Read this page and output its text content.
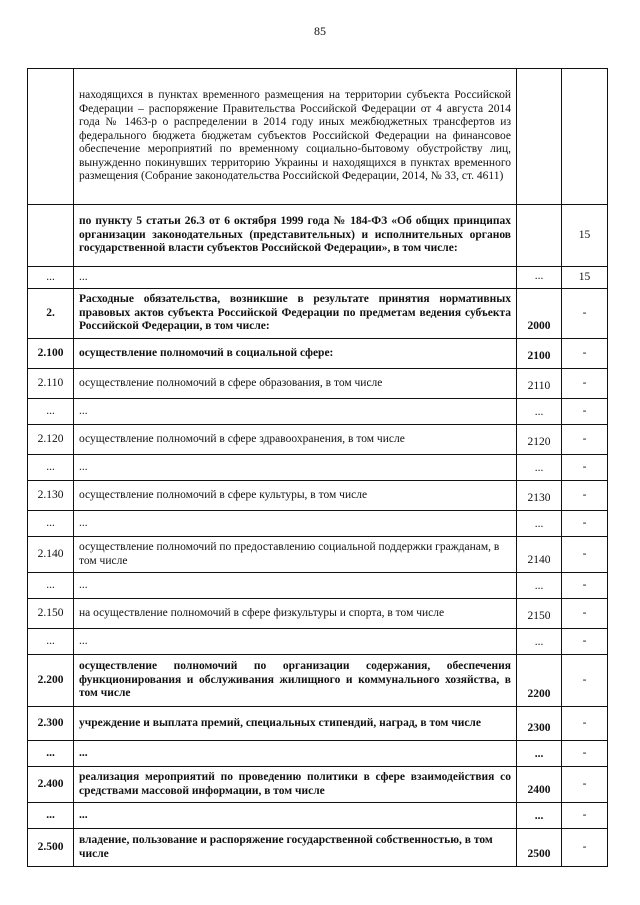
85
	находящихся в пунктах временного размещения на территории субъекта Российской Федерации – распоряжение Правительства Российской Федерации от 4 августа 2014 года № 1463-р о распределении в 2014 году иных межбюджетных трансфертов из федерального бюджета бюджетам субъектов Российской Федерации на финансовое обеспечение мероприятий по временному социально-бытовому обустройству лиц, вынужденно покинувших территорию Украины и находящихся в пунктах временного размещения (Собрание законодательства Российской Федерации, 2014, № 33, ст. 4611)		
	по пункту 5 статьи 26.3 от 6 октября 1999 года № 184-ФЗ «Об общих принципах организации законодательных (представительных) и исполнительных органов государственной власти субъектов Российской Федерации», в том числе:		15
...	...	...	15
2.	Расходные обязательства, возникшие в результате принятия нормативных правовых актов субъекта Российской Федерации по предметам ведения субъекта Российской Федерации, в том числе:	2000	-
2.100	осуществление полномочий в социальной сфере:	2100	-
2.110	осуществление полномочий в сфере образования, в том числе	2110	-
...	...	...	-
2.120	осуществление полномочий в сфере здравоохранения, в том числе	2120	-
...	...	...	-
2.130	осуществление полномочий в сфере культуры, в том числе	2130	-
...	...	...	-
2.140	осуществление полномочий по предоставлению социальной поддержки гражданам, в том числе	2140	-
...	...	...	-
2.150	на осуществление полномочий в сфере физкультуры и спорта, в том числе	2150	-
...	...	...	-
2.200	осуществление полномочий по организации содержания, обеспечения функционирования и обслуживания жилищного и коммунального хозяйства, в том числе	2200	-
2.300	учреждение и выплата премий, специальных стипендий, наград, в том числе	2300	-
...	...	...	-
2.400	реализация мероприятий по проведению политики в сфере взаимодействия со средствами массовой информации, в том числе	2400	-
...	...	...	-
2.500	владение, пользование и распоряжение государственной собственностью, в том числе	2500	-
